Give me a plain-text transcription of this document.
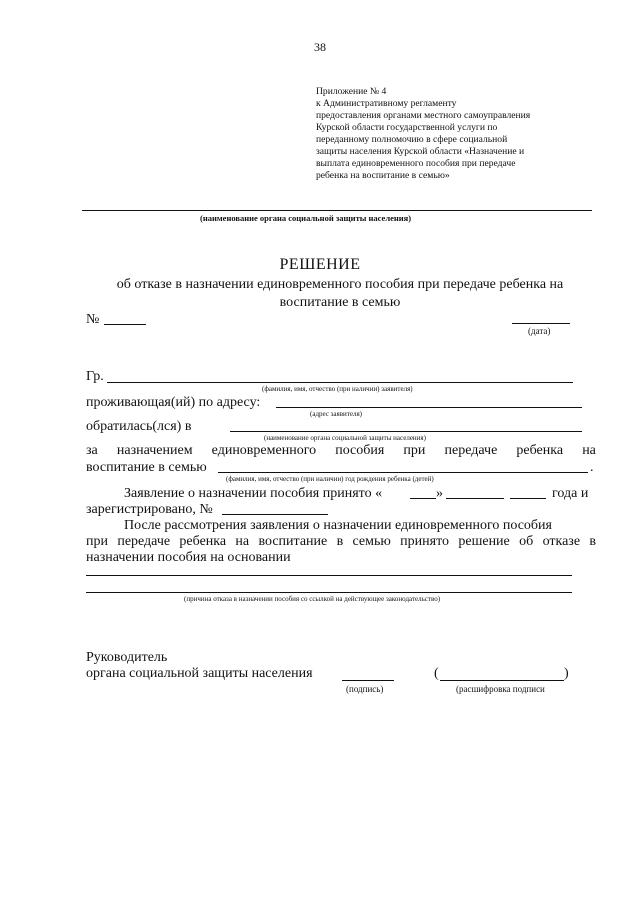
38
Приложение № 4
к Административному регламенту
предоставления органами местного самоуправления
Курской области государственной услуги по
переданному полномочию в сфере социальной
защиты населения Курской области «Назначение и
выплата единовременного пособия при передаче
ребенка на воспитание в семью»
(наименование органа социальной защиты населения)
РЕШЕНИЕ
об отказе в назначении единовременного пособия при передаче ребенка на
воспитание в семью
№
(дата)
Гр.
(фамилия, имя, отчество (при наличии) заявителя)
проживающая(ий) по адресу:
(адрес заявителя)
обратилась(лся) в
(наименование органа социальной защиты населения)
за назначением единовременного пособия при передаче ребенка на
воспитание в семью	.
(фамилия, имя, отчество (при наличии) год рождения ребенка (детей)
Заявление о назначении пособия принято «	»	года и
зарегистрировано, №
После рассмотрения заявления о назначении единовременного пособия
при передаче ребенка на воспитание в семью принято решение об отказе в
назначении пособия на основании
(причина отказа в назначении пособия со ссылкой на действующее законодательство)
Руководитель
органа социальной защиты населения
(подпись)
(	)
(расшифровка подписи
